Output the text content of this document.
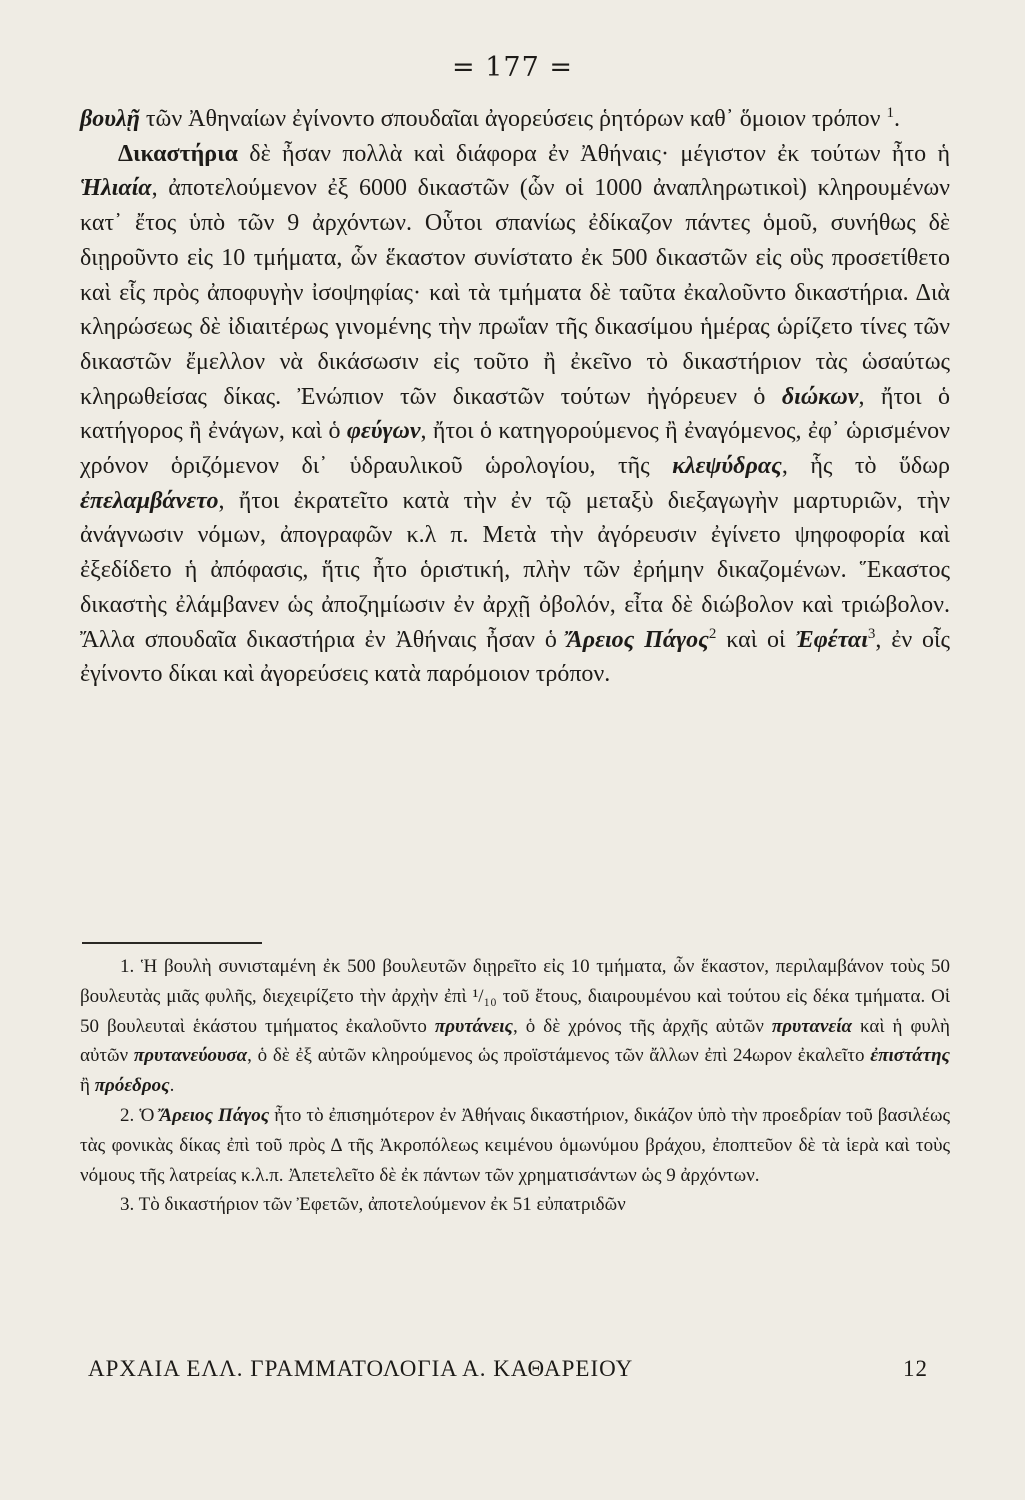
= 177 =

βουλῇ τῶν Ἀθηναίων ἐγίνοντο σπουδαῖαι ἀγορεύσεις ῥητόρων καθ᾽ ὅμοιον τρόπον $^1$.

Δικαστήρια δὲ ἦσαν πολλὰ καὶ διάφορα ἐν Ἀθήναις· μέγιστον ἐκ τούτων ἦτο ἡ Ἡλιαία, ἀποτελούμενον ἐξ 6000 δικαστῶν (ὧν οἱ 1000 ἀναπληρωτικοὶ) κληρουμένων κατ᾽ ἔτος ὑπὸ τῶν 9 ἀρχόντων. Οὗτοι σπανίως ἐδίκαζον πάντες ὁμοῦ, συνήθως δὲ διῃροῦντο εἰς 10 τμήματα, ὧν ἕκαστον συνίστατο ἐκ 500 δικαστῶν εἰς οὓς προσετίθετο καὶ εἷς πρὸς ἀποφυγὴν ἰσοψηφίας· καὶ τὰ τμήματα δὲ ταῦτα ἐκαλοῦντο δικαστήρια. Διὰ κληρώσεως δὲ ἰδιαιτέρως γινομένης τὴν πρωΐαν τῆς δικασίμου ἡμέρας ὡρίζετο τίνες τῶν δικαστῶν ἔμελλον νὰ δικάσωσιν εἰς τοῦτο ἢ ἐκεῖνο τὸ δικαστήριον τὰς ὡσαύτως κληρωθείσας δίκας. Ἐνώπιον τῶν δικαστῶν τούτων ἠγόρευεν ὁ διώκων, ἤτοι ὁ κατήγορος ἢ ἐνάγων, καὶ ὁ φεύγων, ἤτοι ὁ κατηγορούμενος ἢ ἐναγόμενος, ἐφ᾽ ὡρισμένον χρόνον ὁριζόμενον δι᾽ ὑδραυλικοῦ ὡρολογίου, τῆς κλεψύδρας, ἧς τὸ ὕδωρ ἐπελαμβάνετο, ἤτοι ἐκρατεῖτο κατὰ τὴν ἐν τῷ μεταξὺ διεξαγωγὴν μαρτυριῶν, τὴν ἀνάγνωσιν νόμων, ἀπογραφῶν κ.λ π. Μετὰ τὴν ἀγόρευσιν ἐγίνετο ψηφοφορία καὶ ἐξεδίδετο ἡ ἀπόφασις, ἥτις ἦτο ὁριστική, πλὴν τῶν ἐρήμην δικαζομένων. Ἕκαστος δικαστὴς ἐλάμβανεν ὡς ἀποζημίωσιν ἐν ἀρχῇ ὀβολόν, εἶτα δὲ διώβολον καὶ τριώβολον. Ἄλλα σπουδαῖα δικαστήρια ἐν Ἀθήναις ἦσαν ὁ Ἄρειος Πάγος$^2$ καὶ οἱ Ἐφέται$^3$, ἐν οἷς ἐγίνοντο δίκαι καὶ ἀγορεύσεις κατὰ παρόμοιον τρόπον.

1. Ἡ βουλὴ συνισταμένη ἐκ 500 βουλευτῶν διῃρεῖτο εἰς 10 τμήματα, ὧν ἕκαστον, περιλαμβάνον τοὺς 50 βουλευτὰς μιᾶς φυλῆς, διεχειρίζετο τὴν ἀρχὴν ἐπὶ ¹/₁₀ τοῦ ἔτους, διαιρουμένου καὶ τούτου εἰς δέκα τμήματα. Οἱ 50 βουλευταὶ ἑκάστου τμήματος ἐκαλοῦντο πρυτάνεις, ὁ δὲ χρόνος τῆς ἀρχῆς αὐτῶν πρυτανεία καὶ ἡ φυλὴ αὐτῶν πρυτανεύουσα, ὁ δὲ ἐξ αὐτῶν κληρούμενος ὡς προϊστάμενος τῶν ἄλλων ἐπὶ 24ωρον ἐκαλεῖτο ἐπιστάτης ἢ πρόεδρος.

2. Ὁ Ἄρειος Πάγος ἦτο τὸ ἐπισημότερον ἐν Ἀθήναις δικαστήριον, δικάζον ὑπὸ τὴν προεδρίαν τοῦ βασιλέως τὰς φονικὰς δίκας ἐπὶ τοῦ πρὸς Δ τῆς Ἀκροπόλεως κειμένου ὁμωνύμου βράχου, ἐποπτεῦον δὲ τὰ ἱερὰ καὶ τοὺς νόμους τῆς λατρείας κ.λ.π. Ἀπετελεῖτο δὲ ἐκ πάντων τῶν χρηματισάντων ὡς 9 ἀρχόντων.

3. Τὸ δικαστήριον τῶν Ἐφετῶν, ἀποτελούμενον ἐκ 51 εὐπατριδῶν

ΑΡΧΑΙΑ ΕΛΛ. ΓΡΑΜΜΑΤΟΛΟΓΙΑ Α. ΚΑΘΑΡΕΙΟΥ	12
